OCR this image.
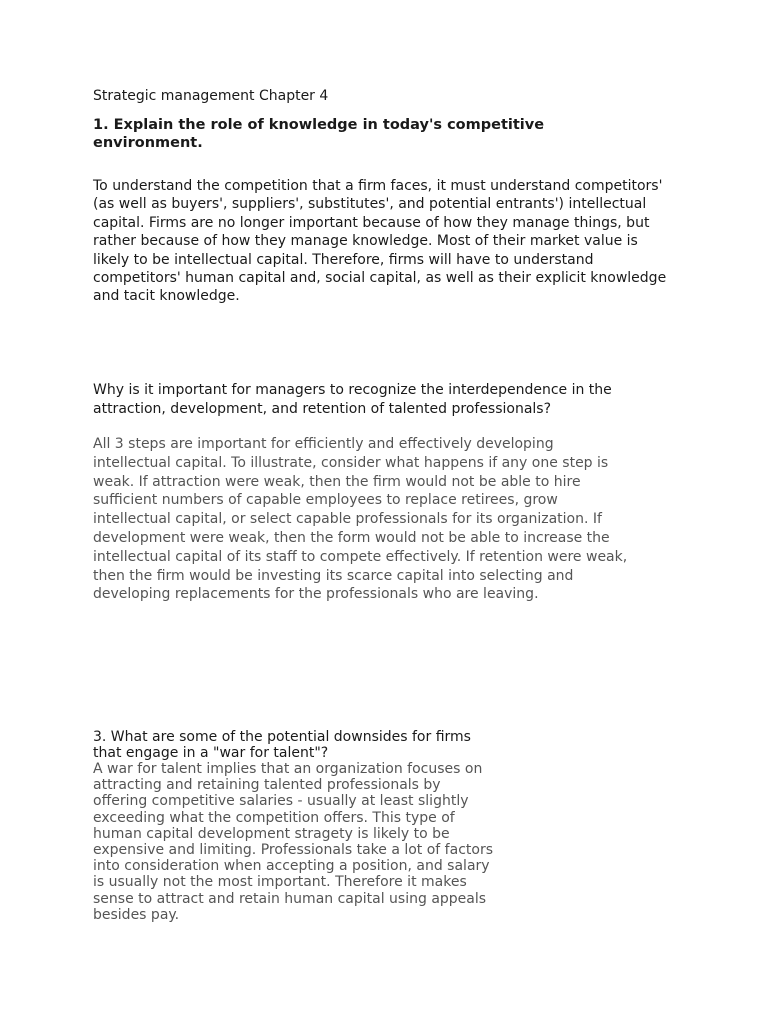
Strategic management Chapter 4
1. Explain the role of knowledge in today's competitive
environment.
To understand the competition that a firm faces, it must understand competitors'
(as well as buyers', suppliers', substitutes', and potential entrants') intellectual
capital. Firms are no longer important because of how they manage things, but
rather because of how they manage knowledge. Most of their market value is
likely to be intellectual capital. Therefore, firms will have to understand
competitors' human capital and, social capital, as well as their explicit knowledge
and tacit knowledge.
Why is it important for managers to recognize the interdependence in the
attraction, development, and retention of talented professionals?
All 3 steps are important for efficiently and effectively developing
intellectual capital. To illustrate, consider what happens if any one step is
weak. If attraction were weak, then the firm would not be able to hire
sufficient numbers of capable employees to replace retirees, grow
intellectual capital, or select capable professionals for its organization. If
development were weak, then the form would not be able to increase the
intellectual capital of its staff to compete effectively. If retention were weak,
then the firm would be investing its scarce capital into selecting and
developing replacements for the professionals who are leaving.
3. What are some of the potential downsides for firms
that engage in a "war for talent"?
A war for talent implies that an organization focuses on
attracting and retaining talented professionals by
offering competitive salaries - usually at least slightly
exceeding what the competition offers. This type of
human capital development stragety is likely to be
expensive and limiting. Professionals take a lot of factors
into consideration when accepting a position, and salary
is usually not the most important. Therefore it makes
sense to attract and retain human capital using appeals
besides pay.
